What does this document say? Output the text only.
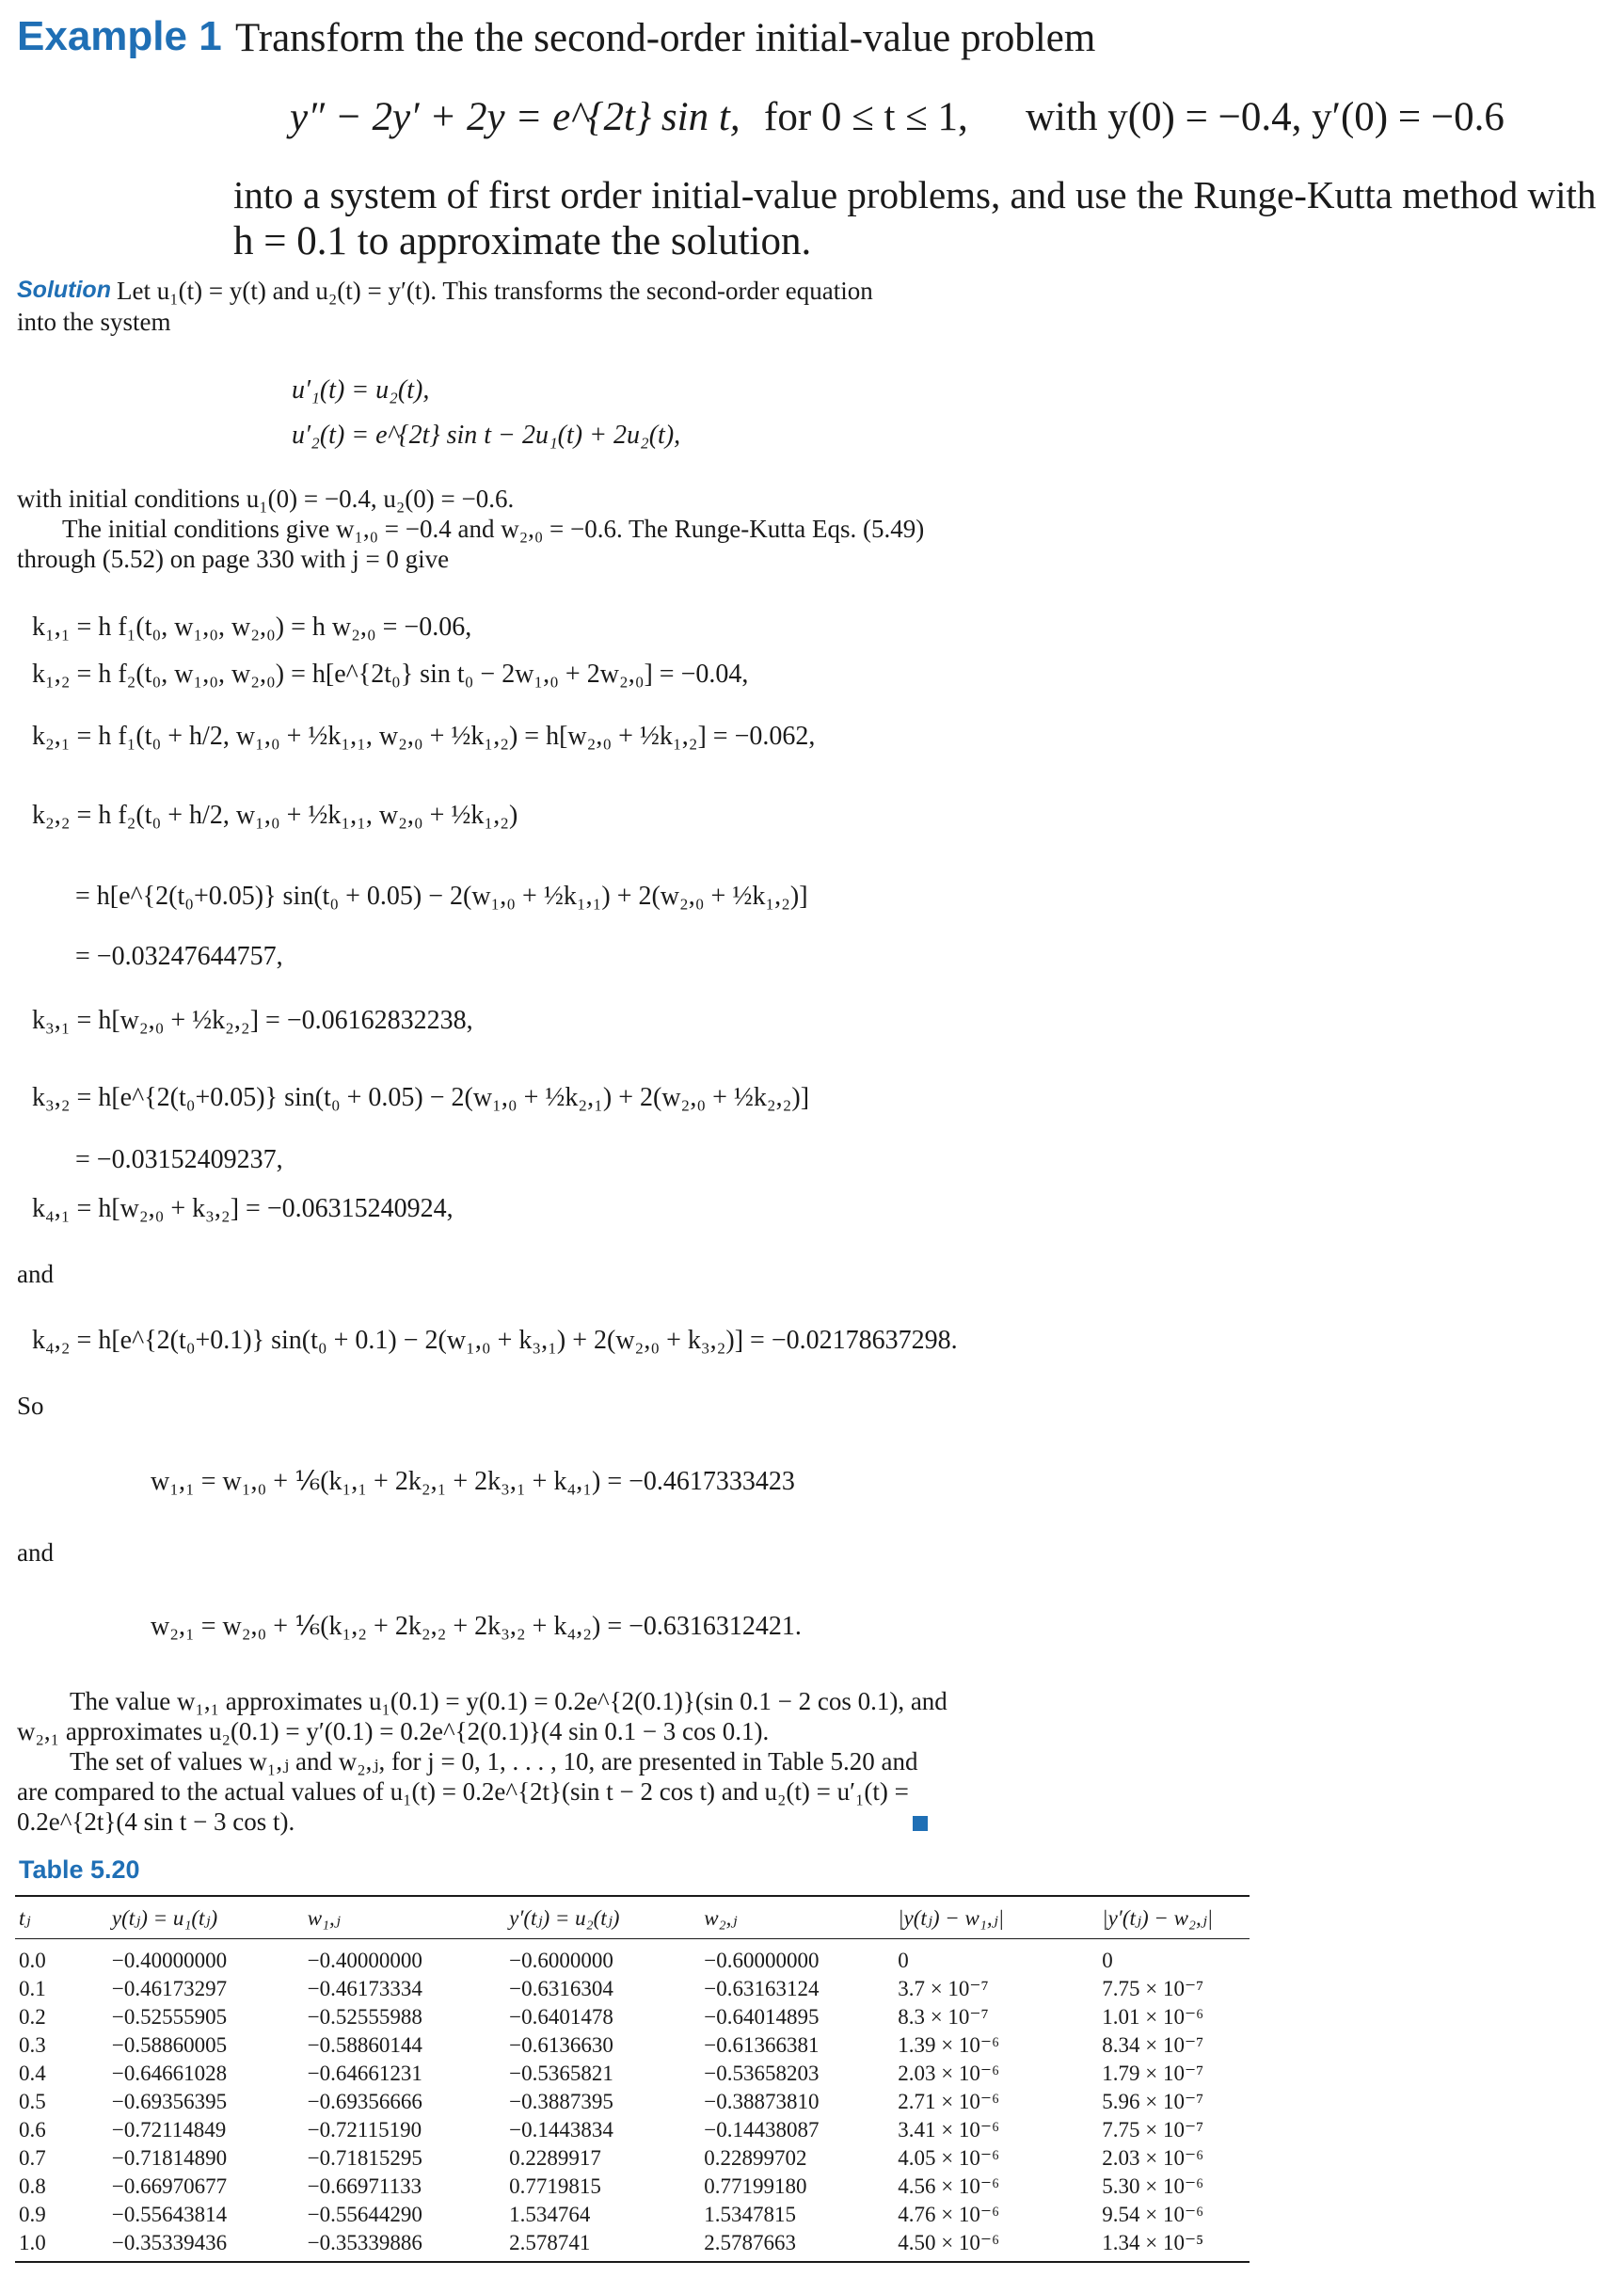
Example 1 Transform the the second-order initial-value problem
y″ − 2y′ + 2y = e^{2t} sin t, for 0 ≤ t ≤ 1, with y(0) = −0.4, y′(0) = −0.6
into a system of first order initial-value problems, and use the Runge-Kutta method with
h = 0.1 to approximate the solution.
Solution Let u₁(t) = y(t) and u₂(t) = y′(t). This transforms the second-order equation
into the system
u′₁(t) = u₂(t),
u′₂(t) = e^{2t} sin t − 2u₁(t) + 2u₂(t),
with initial conditions u₁(0) = −0.4, u₂(0) = −0.6.
The initial conditions give w₁,₀ = −0.4 and w₂,₀ = −0.6. The Runge-Kutta Eqs. (5.49)
through (5.52) on page 330 with j = 0 give
k₁,₁ = h f₁(t₀, w₁,₀, w₂,₀) = h w₂,₀ = −0.06,
k₁,₂ = h f₂(t₀, w₁,₀, w₂,₀) = h[e^{2t₀} sin t₀ − 2w₁,₀ + 2w₂,₀] = −0.04,
k₂,₁ = h f₁(t₀ + h/2, w₁,₀ + ½k₁,₁, w₂,₀ + ½k₁,₂) = h[w₂,₀ + ½k₁,₂] = −0.062,
k₂,₂ = h f₂(t₀ + h/2, w₁,₀ + ½k₁,₁, w₂,₀ + ½k₁,₂)
= h[e^{2(t₀+0.05)} sin(t₀ + 0.05) − 2(w₁,₀ + ½k₁,₁) + 2(w₂,₀ + ½k₁,₂)]
= −0.03247644757,
k₃,₁ = h[w₂,₀ + ½k₂,₂] = −0.06162832238,
k₃,₂ = h[e^{2(t₀+0.05)} sin(t₀ + 0.05) − 2(w₁,₀ + ½k₂,₁) + 2(w₂,₀ + ½k₂,₂)]
= −0.03152409237,
k₄,₁ = h[w₂,₀ + k₃,₂] = −0.06315240924,
and
k₄,₂ = h[e^{2(t₀+0.1)} sin(t₀ + 0.1) − 2(w₁,₀ + k₃,₁) + 2(w₂,₀ + k₃,₂)] = −0.02178637298.
So
w₁,₁ = w₁,₀ + ⅙(k₁,₁ + 2k₂,₁ + 2k₃,₁ + k₄,₁) = −0.4617333423
and
w₂,₁ = w₂,₀ + ⅙(k₁,₂ + 2k₂,₂ + 2k₃,₂ + k₄,₂) = −0.6316312421.
The value w₁,₁ approximates u₁(0.1) = y(0.1) = 0.2e^{2(0.1)}(sin 0.1 − 2 cos 0.1), and
w₂,₁ approximates u₂(0.1) = y′(0.1) = 0.2e^{2(0.1)}(4 sin 0.1 − 3 cos 0.1).
The set of values w₁,ⱼ and w₂,ⱼ, for j = 0, 1, . . . , 10, are presented in Table 5.20 and
are compared to the actual values of u₁(t) = 0.2e^{2t}(sin t − 2 cos t) and u₂(t) = u′₁(t) =
0.2e^{2t}(4 sin t − 3 cos t).
Table 5.20
tⱼ	y(tⱼ) = u₁(tⱼ)	w₁,ⱼ	y′(tⱼ) = u₂(tⱼ)	w₂,ⱼ	|y(tⱼ) − w₁,ⱼ|	|y′(tⱼ) − w₂,ⱼ|
0.0	−0.40000000	−0.40000000	−0.6000000	−0.60000000	0	0
0.1	−0.46173297	−0.46173334	−0.6316304	−0.63163124	3.7 × 10⁻⁷	7.75 × 10⁻⁷
0.2	−0.52555905	−0.52555988	−0.6401478	−0.64014895	8.3 × 10⁻⁷	1.01 × 10⁻⁶
0.3	−0.58860005	−0.58860144	−0.6136630	−0.61366381	1.39 × 10⁻⁶	8.34 × 10⁻⁷
0.4	−0.64661028	−0.64661231	−0.5365821	−0.53658203	2.03 × 10⁻⁶	1.79 × 10⁻⁷
0.5	−0.69356395	−0.69356666	−0.3887395	−0.38873810	2.71 × 10⁻⁶	5.96 × 10⁻⁷
0.6	−0.72114849	−0.72115190	−0.1443834	−0.14438087	3.41 × 10⁻⁶	7.75 × 10⁻⁷
0.7	−0.71814890	−0.71815295	0.2289917	0.22899702	4.05 × 10⁻⁶	2.03 × 10⁻⁶
0.8	−0.66970677	−0.66971133	0.7719815	0.77199180	4.56 × 10⁻⁶	5.30 × 10⁻⁶
0.9	−0.55643814	−0.55644290	1.534764	1.5347815	4.76 × 10⁻⁶	9.54 × 10⁻⁶
1.0	−0.35339436	−0.35339886	2.578741	2.5787663	4.50 × 10⁻⁶	1.34 × 10⁻⁵
